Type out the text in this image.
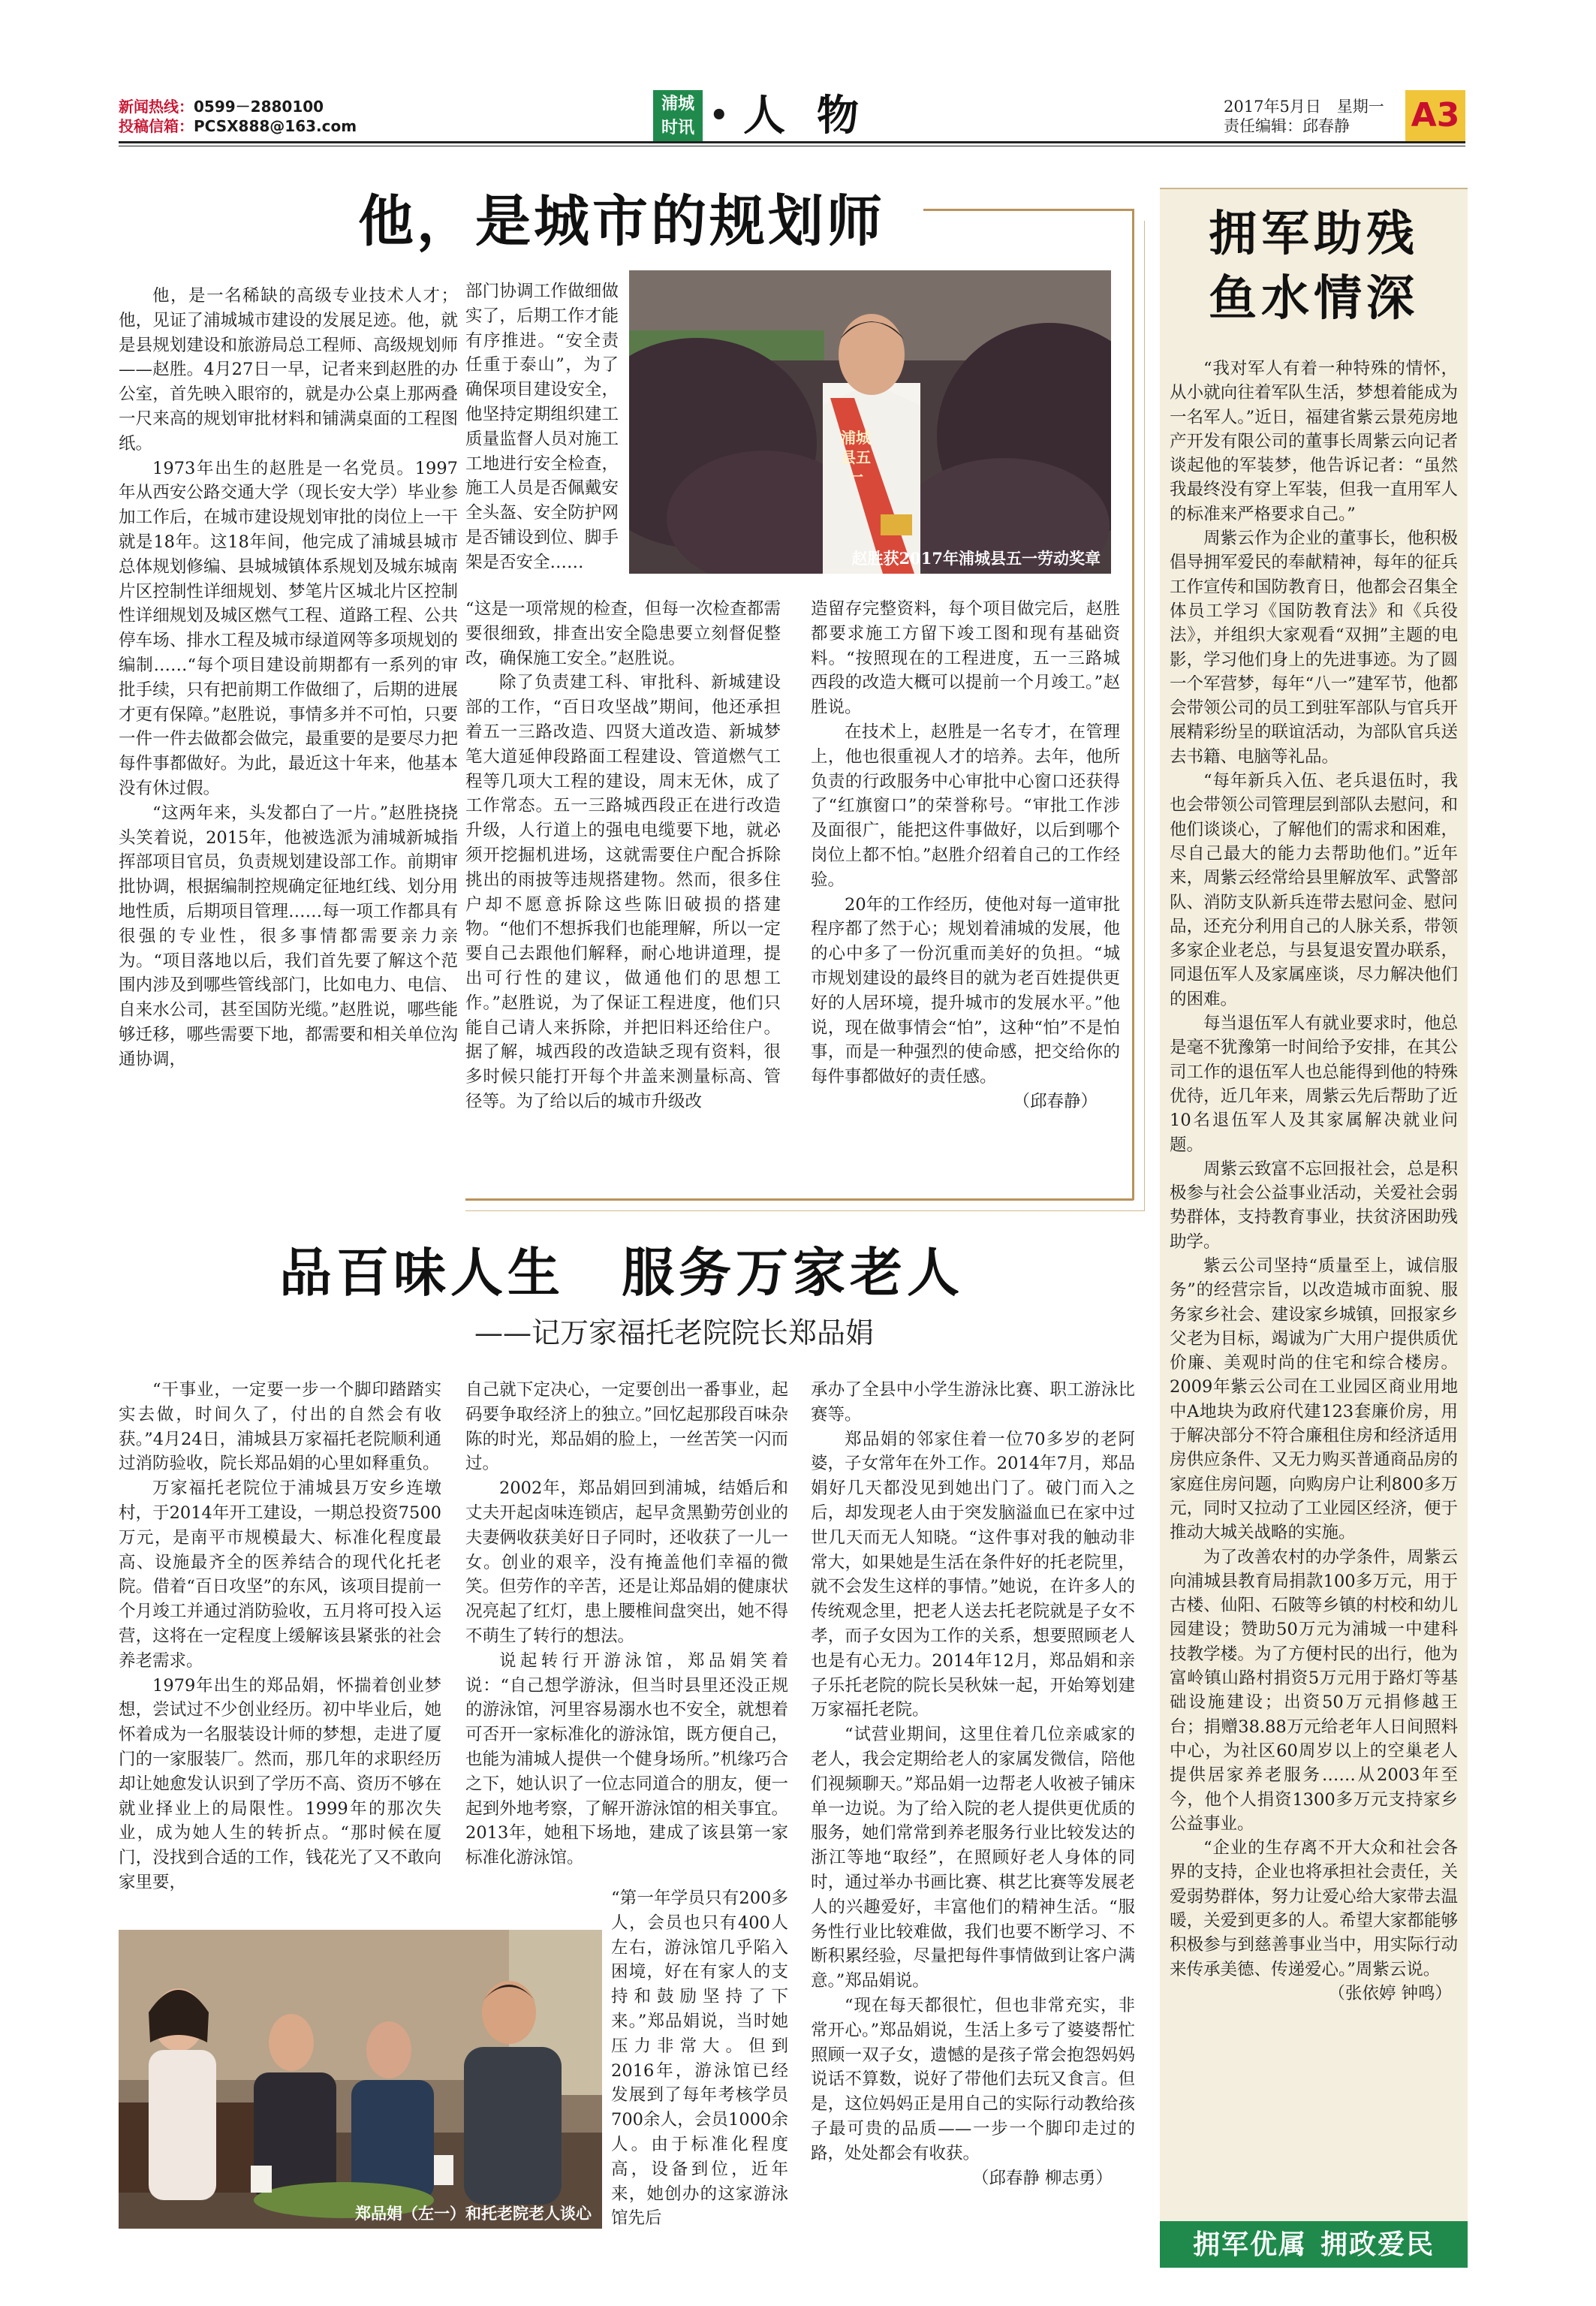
新闻热线：0599－2880100
投稿信箱：PCSX888@163.com
浦城
时讯 • 人物	2017年5月日　星期一
责任编辑：邱春静 A3
他，是城市的规划师

他，是一名稀缺的高级专业技术人才；他，见证了浦城城市建设的发展足迹。他，就是县规划建设和旅游局总工程师、高级规划师——赵胜。4月27日一早，记者来到赵胜的办公室，首先映入眼帘的，就是办公桌上那两叠一尺来高的规划审批材料和铺满桌面的工程图纸。

1973年出生的赵胜是一名党员。1997年从西安公路交通大学（现长安大学）毕业参加工作后，在城市建设规划审批的岗位上一干就是18年。这18年间，他完成了浦城县城市总体规划修编、县城城镇体系规划及城东城南片区控制性详细规划、梦笔片区城北片区控制性详细规划及城区燃气工程、道路工程、公共停车场、排水工程及城市绿道网等多项规划的编制……“每个项目建设前期都有一系列的审批手续，只有把前期工作做细了，后期的进展才更有保障。”赵胜说，事情多并不可怕，只要一件一件去做都会做完，最重要的是要尽力把每件事都做好。为此，最近这十年来，他基本没有休过假。

“这两年来，头发都白了一片。”赵胜挠挠头笑着说，2015年，他被选派为浦城新城指挥部项目官员，负责规划建设部工作。前期审批协调，根据编制控规确定征地红线、划分用地性质，后期项目管理……每一项工作都具有很强的专业性，很多事情都需要亲力亲为。“项目落地以后，我们首先要了解这个范围内涉及到哪些管线部门，比如电力、电信、自来水公司，甚至国防光缆。”赵胜说，哪些能够迁移，哪些需要下地，都需要和相关单位沟通协调，

部门协调工作做细做实了，后期工作才能有序推进。“安全责任重于泰山”，为了确保项目建设安全，他坚持定期组织建工质量监督人员对施工工地进行安全检查，施工人员是否佩戴安全头盔、安全防护网是否铺设到位、脚手架是否安全……

“这是一项常规的检查，但每一次检查都需要很细致，排查出安全隐患要立刻督促整改，确保施工安全。”赵胜说。

除了负责建工科、审批科、新城建设部的工作，“百日攻坚战”期间，他还承担着五一三路改造、四贤大道改造、新城梦笔大道延伸段路面工程建设、管道燃气工程等几项大工程的建设，周末无休，成了工作常态。五一三路城西段正在进行改造升级，人行道上的强电电缆要下地，就必须开挖掘机进场，这就需要住户配合拆除挑出的雨披等违规搭建物。然而，很多住户却不愿意拆除这些陈旧破损的搭建物。“他们不想拆我们也能理解，所以一定要自己去跟他们解释，耐心地讲道理，提出可行性的建议，做通他们的思想工作。”赵胜说，为了保证工程进度，他们只能自己请人来拆除，并把旧料还给住户。据了解，城西段的改造缺乏现有资料，很多时候只能打开每个井盖来测量标高、管径等。为了给以后的城市升级改

浦城县五一
赵胜获2017年浦城县五一劳动奖章

造留存完整资料，每个项目做完后，赵胜都要求施工方留下竣工图和现有基础资料。“按照现在的工程进度，五一三路城西段的改造大概可以提前一个月竣工。”赵胜说。

在技术上，赵胜是一名专才，在管理上，他也很重视人才的培养。去年，他所负责的行政服务中心审批中心窗口还获得了“红旗窗口”的荣誉称号。“审批工作涉及面很广，能把这件事做好，以后到哪个岗位上都不怕。”赵胜介绍着自己的工作经验。

20年的工作经历，使他对每一道审批程序都了然于心；规划着浦城的发展，他的心中多了一份沉重而美好的负担。“城市规划建设的最终目的就为老百姓提供更好的人居环境，提升城市的发展水平。”他说，现在做事情会“怕”，这种“怕”不是怕事，而是一种强烈的使命感，把交给你的每件事都做好的责任感。

（邱春静）

品百味人生　服务万家老人
——记万家福托老院院长郑品娟

“干事业，一定要一步一个脚印踏踏实实去做，时间久了，付出的自然会有收获。”4月24日，浦城县万家福托老院顺利通过消防验收，院长郑品娟的心里如释重负。

万家福托老院位于浦城县万安乡连墩村，于2014年开工建设，一期总投资7500万元，是南平市规模最大、标准化程度最高、设施最齐全的医养结合的现代化托老院。借着“百日攻坚”的东风，该项目提前一个月竣工并通过消防验收，五月将可投入运营，这将在一定程度上缓解该县紧张的社会养老需求。

1979年出生的郑品娟，怀揣着创业梦想，尝试过不少创业经历。初中毕业后，她怀着成为一名服装设计师的梦想，走进了厦门的一家服装厂。然而，那几年的求职经历却让她愈发认识到了学历不高、资历不够在就业择业上的局限性。1999年的那次失业，成为她人生的转折点。“那时候在厦门，没找到合适的工作，钱花光了又不敢向家里要，

自己就下定决心，一定要创出一番事业，起码要争取经济上的独立。”回忆起那段百味杂陈的时光，郑品娟的脸上，一丝苦笑一闪而过。

2002年，郑品娟回到浦城，结婚后和丈夫开起卤味连锁店，起早贪黑勤劳创业的夫妻俩收获美好日子同时，还收获了一儿一女。创业的艰辛，没有掩盖他们幸福的微笑。但劳作的辛苦，还是让郑品娟的健康状况亮起了红灯，患上腰椎间盘突出，她不得不萌生了转行的想法。

说起转行开游泳馆，郑品娟笑着说：“自己想学游泳，但当时县里还没正规的游泳馆，河里容易溺水也不安全，就想着可否开一家标准化的游泳馆，既方便自己，也能为浦城人提供一个健身场所。”机缘巧合之下，她认识了一位志同道合的朋友，便一起到外地考察，了解开游泳馆的相关事宜。2013年，她租下场地，建成了该县第一家标准化游泳馆。

“第一年学员只有200多人，会员也只有400人左右，游泳馆几乎陷入困境，好在有家人的支持和鼓励坚持了下来。”郑品娟说，当时她压力非常大。但到2016年，游泳馆已经发展到了每年考核学员700余人，会员1000余人。由于标准化程度高，设备到位，近年来，她创办的这家游泳馆先后

郑品娟（左一）和托老院老人谈心

承办了全县中小学生游泳比赛、职工游泳比赛等。

郑品娟的邻家住着一位70多岁的老阿婆，子女常年在外工作。2014年7月，郑品娟好几天都没见到她出门了。破门而入之后，却发现老人由于突发脑溢血已在家中过世几天而无人知晓。“这件事对我的触动非常大，如果她是生活在条件好的托老院里，就不会发生这样的事情。”她说，在许多人的传统观念里，把老人送去托老院就是子女不孝，而子女因为工作的关系，想要照顾老人也是有心无力。2014年12月，郑品娟和亲子乐托老院的院长吴秋妹一起，开始筹划建万家福托老院。

“试营业期间，这里住着几位亲戚家的老人，我会定期给老人的家属发微信，陪他们视频聊天。”郑品娟一边帮老人收被子铺床单一边说。为了给入院的老人提供更优质的服务，她们常常到养老服务行业比较发达的浙江等地“取经”，在照顾好老人身体的同时，通过举办书画比赛、棋艺比赛等发展老人的兴趣爱好，丰富他们的精神生活。“服务性行业比较难做，我们也要不断学习、不断积累经验，尽量把每件事情做到让客户满意。”郑品娟说。

“现在每天都很忙，但也非常充实，非常开心。”郑品娟说，生活上多亏了婆婆帮忙照顾一双子女，遗憾的是孩子常会抱怨妈妈说话不算数，说好了带他们去玩又食言。但是，这位妈妈正是用自己的实际行动教给孩子最可贵的品质——一步一个脚印走过的路，处处都会有收获。

（邱春静 柳志勇）

拥军助残
鱼水情深

“我对军人有着一种特殊的情怀，从小就向往着军队生活，梦想着能成为一名军人。”近日，福建省紫云景苑房地产开发有限公司的董事长周紫云向记者谈起他的军装梦，他告诉记者：“虽然我最终没有穿上军装，但我一直用军人的标准来严格要求自己。”

周紫云作为企业的董事长，他积极倡导拥军爱民的奉献精神，每年的征兵工作宣传和国防教育日，他都会召集全体员工学习《国防教育法》和《兵役法》，并组织大家观看“双拥”主题的电影，学习他们身上的先进事迹。为了圆一个军营梦，每年“八一”建军节，他都会带领公司的员工到驻军部队与官兵开展精彩纷呈的联谊活动，为部队官兵送去书籍、电脑等礼品。

“每年新兵入伍、老兵退伍时，我也会带领公司管理层到部队去慰问，和他们谈谈心，了解他们的需求和困难，尽自己最大的能力去帮助他们。”近年来，周紫云经常给县里解放军、武警部队、消防支队新兵连带去慰问金、慰问品，还充分利用自己的人脉关系，带领多家企业老总，与县复退安置办联系，同退伍军人及家属座谈，尽力解决他们的困难。

每当退伍军人有就业要求时，他总是毫不犹豫第一时间给予安排，在其公司工作的退伍军人也总能得到他的特殊优待，近几年来，周紫云先后帮助了近10名退伍军人及其家属解决就业问题。

周紫云致富不忘回报社会，总是积极参与社会公益事业活动，关爱社会弱势群体，支持教育事业，扶贫济困助残助学。

紫云公司坚持“质量至上，诚信服务”的经营宗旨，以改造城市面貌、服务家乡社会、建设家乡城镇，回报家乡父老为目标，竭诚为广大用户提供质优价廉、美观时尚的住宅和综合楼房。2009年紫云公司在工业园区商业用地中A地块为政府代建123套廉价房，用于解决部分不符合廉租住房和经济适用房供应条件、又无力购买普通商品房的家庭住房问题，向购房户让利800多万元，同时又拉动了工业园区经济，便于推动大城关战略的实施。

为了改善农村的办学条件，周紫云向浦城县教育局捐款100多万元，用于古楼、仙阳、石陂等乡镇的村校和幼儿园建设；赞助50万元为浦城一中建科技教学楼。为了方便村民的出行，他为富岭镇山路村捐资5万元用于路灯等基础设施建设；出资50万元捐修越王台；捐赠38.88万元给老年人日间照料中心，为社区60周岁以上的空巢老人提供居家养老服务……从2003年至今，他个人捐资1300多万元支持家乡公益事业。

“企业的生存离不开大众和社会各界的支持，企业也将承担社会责任，关爱弱势群体，努力让爱心给大家带去温暖，关爱到更多的人。希望大家都能够积极参与到慈善事业当中，用实际行动来传承美德、传递爱心。”周紫云说。

（张依婷 钟鸣）

拥军优属 拥政爱民
